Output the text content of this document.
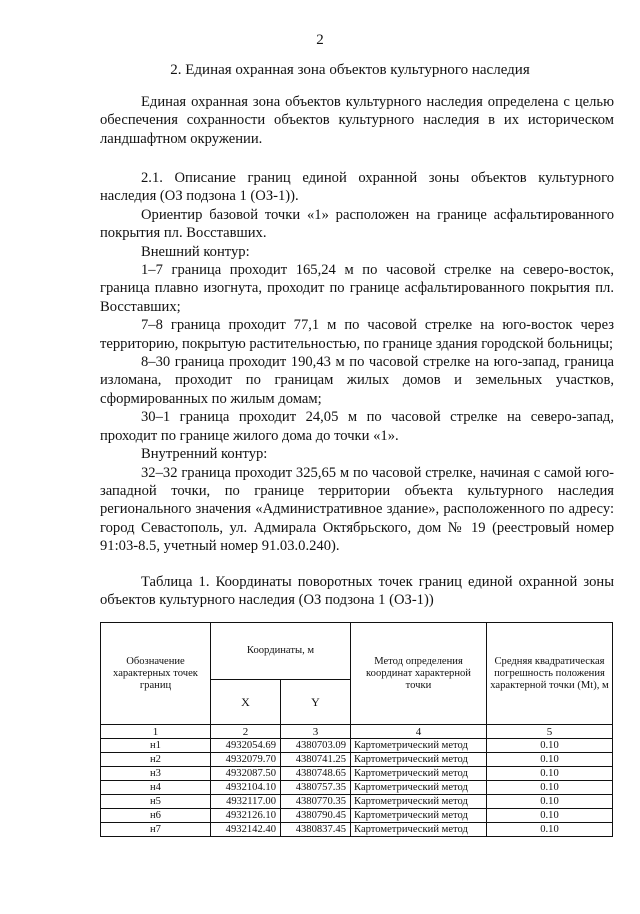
2
2. Единая охранная зона объектов культурного наследия

Единая охранная зона объектов культурного наследия определена с целью обеспечения сохранности объектов культурного наследия в их историческом ландшафтном окружении.

2.1. Описание границ единой охранной зоны объектов культурного наследия (ОЗ подзона 1 (ОЗ-1)).

Ориентир базовой точки «1» расположен на границе асфальтированного покрытия пл. Восставших.

Внешний контур:

1–7 граница проходит 165,24 м по часовой стрелке на северо-восток, граница плавно изогнута, проходит по границе асфальтированного покрытия пл. Восставших;

7–8 граница проходит 77,1 м по часовой стрелке на юго-восток через территорию, покрытую растительностью, по границе здания городской больницы;

8–30 граница проходит 190,43 м по часовой стрелке на юго-запад, граница изломана, проходит по границам жилых домов и земельных участков, сформированных по жилым домам;

30–1 граница проходит 24,05 м по часовой стрелке на северо-запад, проходит по границе жилого дома до точки «1».

Внутренний контур:

32–32 граница проходит 325,65 м по часовой стрелке, начиная с самой юго-западной точки, по границе территории объекта культурного наследия регионального значения «Административное здание», расположенного по адресу: город Севастополь, ул. Адмирала Октябрьского, дом № 19 (реестровый номер 91:03-8.5, учетный номер 91.03.0.240).

Таблица 1. Координаты поворотных точек границ единой охранной зоны объектов культурного наследия (ОЗ подзона 1 (ОЗ-1))

Обозначение характерных точек границ	Координаты, м		Метод определения координат характерной точки	Средняя квадратическая погрешность положения характерной точки (Mt), м
	X	Y		
1	2	3	4	5
н1	4932054.69	4380703.09	Картометрический метод	0.10
н2	4932079.70	4380741.25	Картометрический метод	0.10
н3	4932087.50	4380748.65	Картометрический метод	0.10
н4	4932104.10	4380757.35	Картометрический метод	0.10
н5	4932117.00	4380770.35	Картометрический метод	0.10
н6	4932126.10	4380790.45	Картометрический метод	0.10
н7	4932142.40	4380837.45	Картометрический метод	0.10
